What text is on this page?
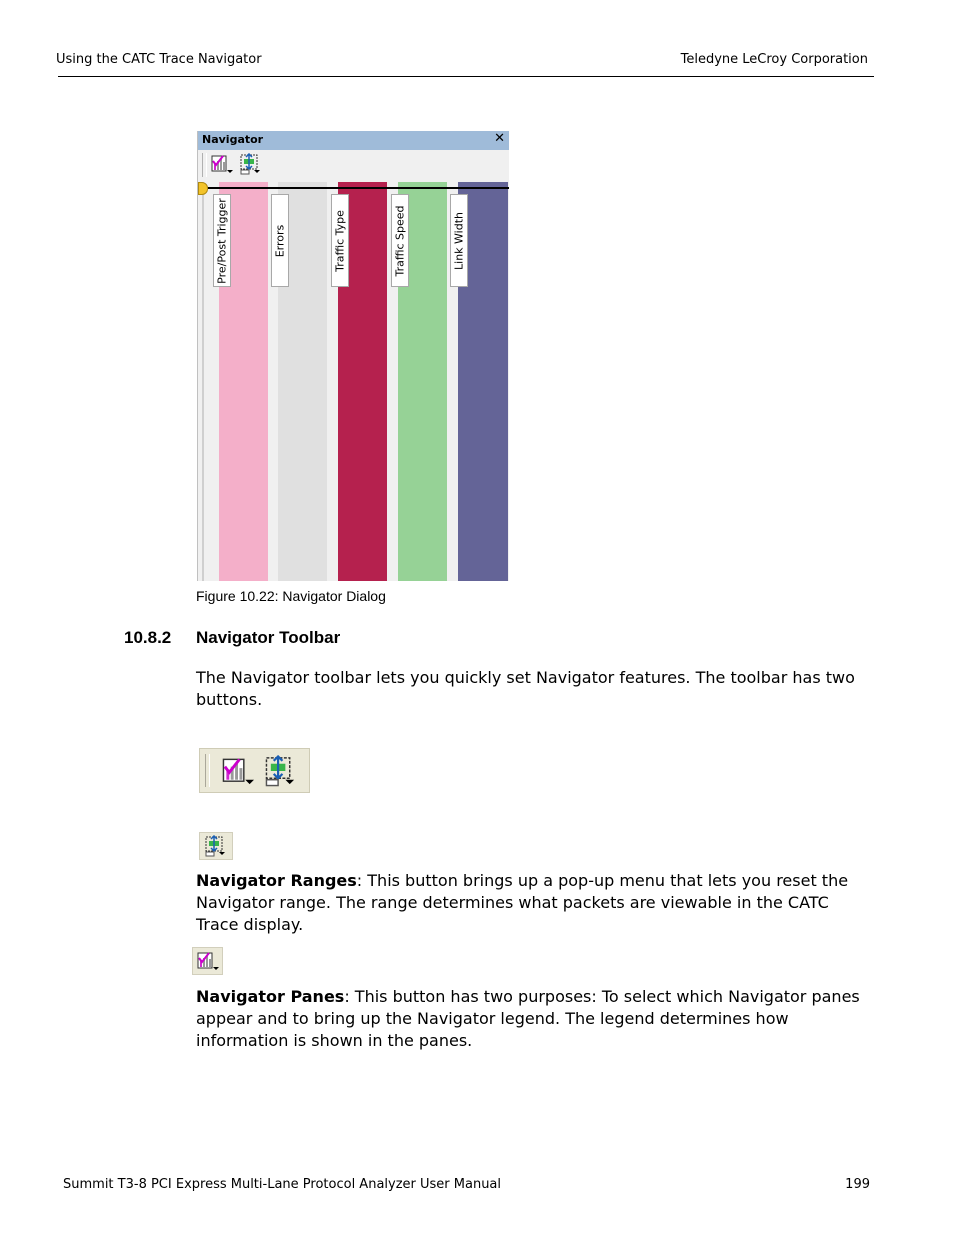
Using the CATC Trace Navigator	Teledyne LeCroy Corporation
Navigator	✕
Pre/Post Trigger	Errors	Traffic Type	Traffic Speed	Link Width
Figure 10.22: Navigator Dialog
10.8.2 Navigator Toolbar
The Navigator toolbar lets you quickly set Navigator features. The toolbar has two buttons.
Navigator Ranges: This button brings up a pop-up menu that lets you reset the Navigator range. The range determines what packets are viewable in the CATC Trace display.
Navigator Panes: This button has two purposes: To select which Navigator panes appear and to bring up the Navigator legend. The legend determines how information is shown in the panes.
Summit T3-8 PCI Express Multi-Lane Protocol Analyzer User Manual	199
